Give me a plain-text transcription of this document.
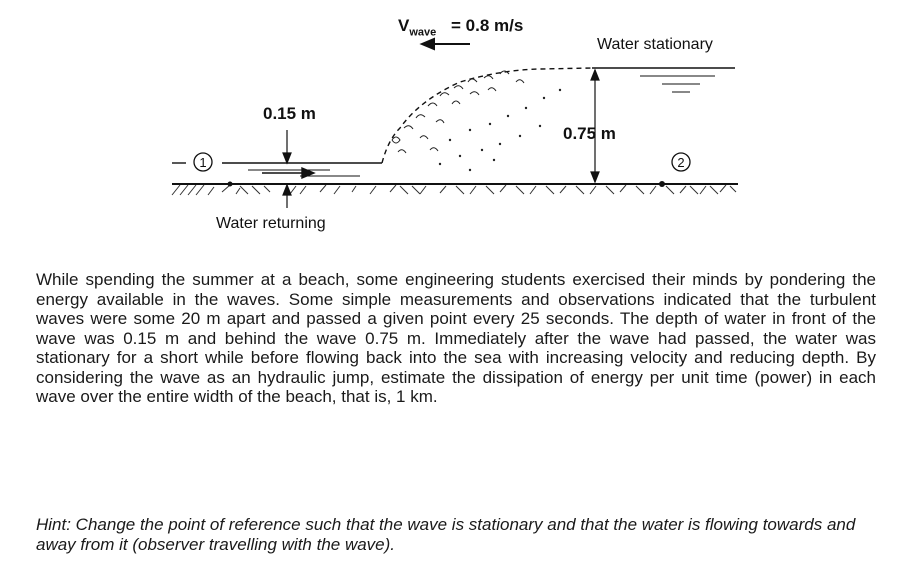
1	2
$V_{wave} = 0.8$ m/s
Water stationary
0.15 m
0.75 m
Water returning

While spending the summer at a beach, some engineering students exercised their minds by pondering the energy available in the waves. Some simple measurements and observations indicated that the turbulent waves were some 20 m apart and passed a given point every 25 seconds. The depth of water in front of the wave was 0.15 m and behind the wave 0.75 m. Immediately after the wave had passed, the water was stationary for a short while before flowing back into the sea with increasing velocity and reducing depth. By considering the wave as an hydraulic jump, estimate the dissipation of energy per unit time (power) in each wave over the entire width of the beach, that is, 1 km.

Hint: Change the point of reference such that the wave is stationary and that the water is flowing towards and away from it (observer travelling with the wave).
